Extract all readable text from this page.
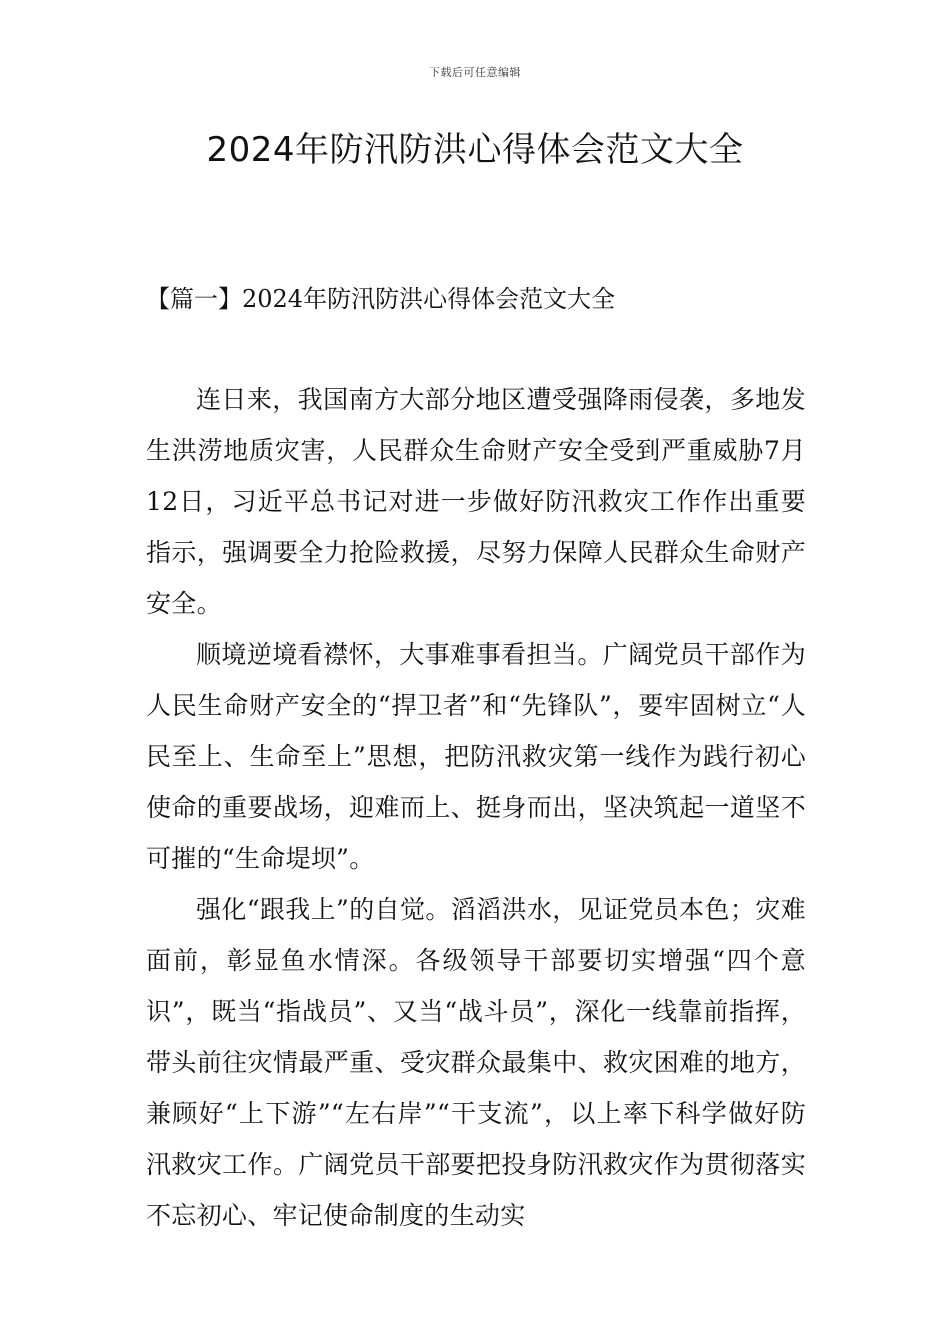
下载后可任意编辑
2024年防汛防洪心得体会范文大全
【篇一】2024年防汛防洪心得体会范文大全

连日来，我国南方大部分地区遭受强降雨侵袭，多地发生洪涝地质灾害，人民群众生命财产安全受到严重威胁7月12日，习近平总书记对进一步做好防汛救灾工作作出重要指示，强调要全力抢险救援，尽努力保障人民群众生命财产安全。

顺境逆境看襟怀，大事难事看担当。广阔党员干部作为人民生命财产安全的“捍卫者”和“先锋队”，要牢固树立“人民至上、生命至上”思想，把防汛救灾第一线作为践行初心使命的重要战场，迎难而上、挺身而出，坚决筑起一道坚不可摧的“生命堤坝”。

强化“跟我上”的自觉。滔滔洪水，见证党员本色；灾难面前，彰显鱼水情深。各级领导干部要切实增强“四个意识”，既当“指战员”、又当“战斗员”，深化一线靠前指挥，带头前往灾情最严重、受灾群众最集中、救灾困难的地方，兼顾好“上下游”“左右岸”“干支流”，以上率下科学做好防汛救灾工作。广阔党员干部要把投身防汛救灾作为贯彻落实不忘初心、牢记使命制度的生动实
